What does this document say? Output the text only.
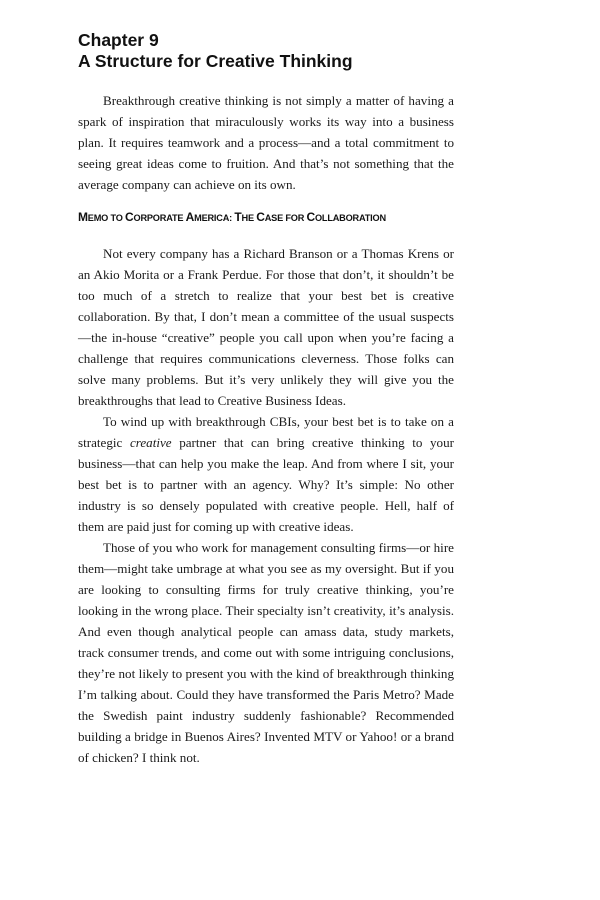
Chapter 9
A Structure for Creative Thinking

Breakthrough creative thinking is not simply a matter of having a spark of inspiration that miraculously works its way into a business plan. It requires teamwork and a process—and a total commitment to seeing great ideas come to fruition. And that’s not something that the average company can achieve on its own.

MEMO TO CORPORATE AMERICA: THE CASE FOR COLLABORATION

Not every company has a Richard Branson or a Thomas Krens or an Akio Morita or a Frank Perdue. For those that don’t, it shouldn’t be too much of a stretch to realize that your best bet is creative collaboration. By that, I don’t mean a committee of the usual suspects—the in-house “creative” people you call upon when you’re facing a challenge that requires communications cleverness. Those folks can solve many problems. But it’s very unlikely they will give you the breakthroughs that lead to Creative Business Ideas.

To wind up with breakthrough CBIs, your best bet is to take on a strategic creative partner that can bring creative thinking to your business—that can help you make the leap. And from where I sit, your best bet is to partner with an agency. Why? It’s simple: No other industry is so densely populated with creative people. Hell, half of them are paid just for coming up with creative ideas.

Those of you who work for management consulting firms—or hire them—might take umbrage at what you see as my oversight. But if you are looking to consulting firms for truly creative thinking, you’re looking in the wrong place. Their specialty isn’t creativity, it’s analysis. And even though analytical people can amass data, study markets, track consumer trends, and come out with some intriguing conclusions, they’re not likely to present you with the kind of breakthrough thinking I’m talking about. Could they have transformed the Paris Metro? Made the Swedish paint industry suddenly fashionable? Recommended building a bridge in Buenos Aires? Invented MTV or Yahoo! or a brand of chicken? I think not.
